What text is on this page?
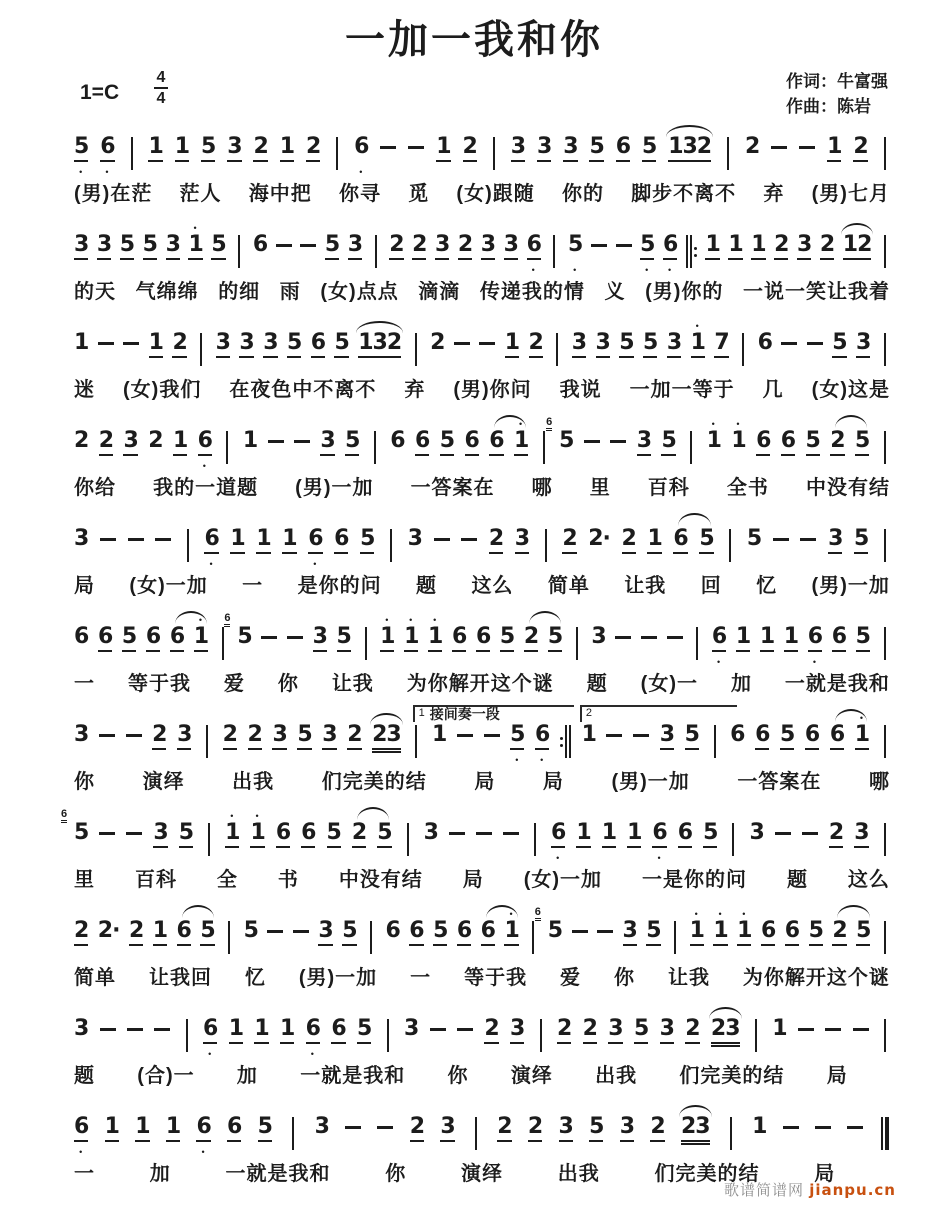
一加一我和你
1=C
4
4
作词：牛富强
作曲：陈岩
5
•
6
•
1 1 5 3 2 1 2 6
•
1 2 3 3 3 5 6 5 132 2	1 2
(男)在茫 茫人 海中把 你寻 觅 (女)跟随 你的 脚步不离不 弃 (男)七月
3 3 5 5 3
•
1 5 6	5 3 2 2 3 2 3 3 6
•
5
•
5
•
6
•
1 1 1 2 3 2 12
的天 气绵绵 的细 雨 (女)点点 滴滴 传递我的情 义 (男)你的 一说一笑让我着
1	1 2 3 3 3 5 6 5 132 2	1 2 3 3 5 5 3
•
1 7 6	5 3
迷 (女)我们 在夜色中不离不 弃 (男)你问 我说 一加一等于 几 (女)这是
2 2 3 2 1 6
•
1	3 5 6 6 5 6 6
•
1
6
5	3 5
•
1
•
1 6 6 5 2 5
你给 我的一道题 (男)一加 一答案在 哪 里 百科 全书 中没有结
3	6
•
1 1 1 6
•
6 5 3	2 3 2 2· 2 1 6 5 5	3 5
局 (女)一加 一 是你的问 题 这么 简单 让我 回 忆 (男)一加
6 6 5 6 6
•
1
6
5	3 5
•
1
•
1
•
1 6 6 5 2 5 3	6
•
1 1 1 6
•
6 5
一 等于我 爱 你 让我 为你解开这个谜 题 (女)一 加 一就是我和
1 接间奏一段	2
3	2 3 2 2 3 5 3 2 23 1	5
•
6
•
1	3 5 6 6 5 6 6
•
1
你 演绎 出我 们完美的结 局 局 (男)一加 一答案在 哪
6
5	3 5
•
1
•
1 6 6 5 2 5 3	6
•
1 1 1 6
•
6 5 3	2 3
里 百科 全 书 中没有结 局 (女)一加 一是你的问 题 这么
2 2· 2 1 6 5 5	3 5 6 6 5 6 6
•
1
6
5	3 5
•
1
•
1
•
1 6 6 5 2 5
简单 让我回 忆 (男)一加 一 等于我 爱 你 让我 为你解开这个谜
3	6
•
1 1 1 6
•
6 5 3	2 3 2 2 3 5 3 2 23 1
题 (合)一 加 一就是我和 你 演绎 出我 们完美的结 局
6
•
1 1 1 6
•
6 5 3	2 3 2 2 3 5 3 2 23 1
一	加	一就是我和	你	演绎	出我	们完美的结	局
歌谱简谱网 jianpu.cn
